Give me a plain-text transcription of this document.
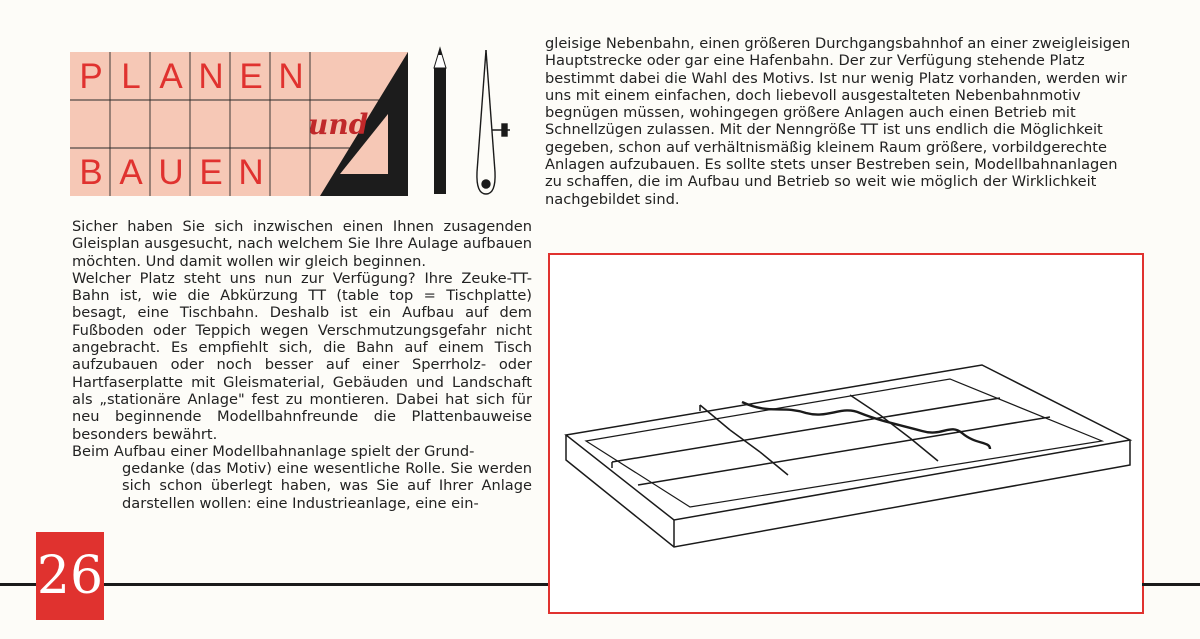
P L A N E N
und
B A U E N

gleisige Nebenbahn, einen größeren Durchgangsbahnhof an einer zweigleisigen Hauptstrecke oder gar eine Hafenbahn. Der zur Verfügung stehende Platz bestimmt dabei die Wahl des Motivs. Ist nur wenig Platz vorhanden, werden wir uns mit einem einfachen, doch liebevoll ausgestalteten Nebenbahnmotiv begnügen müssen, wohingegen größere Anlagen auch einen Betrieb mit Schnellzügen zulassen. Mit der Nenngröße TT ist uns endlich die Möglichkeit gegeben, schon auf verhältnismäßig kleinem Raum größere, vorbildgerechte Anlagen aufzubauen. Es sollte stets unser Bestreben sein, Modellbahnanlagen zu schaffen, die im Aufbau und Betrieb so weit wie möglich der Wirklichkeit nachgebildet sind.

Sicher haben Sie sich inzwischen einen Ihnen zusagenden Gleisplan ausgesucht, nach welchem Sie Ihre Aulage aufbauen möchten. Und damit wollen wir gleich beginnen.

Welcher Platz steht uns nun zur Verfügung? Ihre Zeuke-TT-Bahn ist, wie die Abkürzung TT (table top = Tischplatte) besagt, eine Tischbahn. Deshalb ist ein Aufbau auf dem Fußboden oder Teppich wegen Verschmutzungsgefahr nicht angebracht. Es empfiehlt sich, die Bahn auf einem Tisch aufzubauen oder noch besser auf einer Sperrholz- oder Hartfaserplatte mit Gleismaterial, Gebäuden und Landschaft als „stationäre Anlage" fest zu montieren. Dabei hat sich für neu beginnende Modellbahnfreunde die Plattenbauweise besonders bewährt.

Beim Aufbau einer Modellbahnanlage spielt der Grund-

gedanke (das Motiv) eine wesentliche Rolle. Sie werden sich schon überlegt haben, was Sie auf Ihrer Anlage darstellen wollen: eine Industrieanlage, eine ein-

26
